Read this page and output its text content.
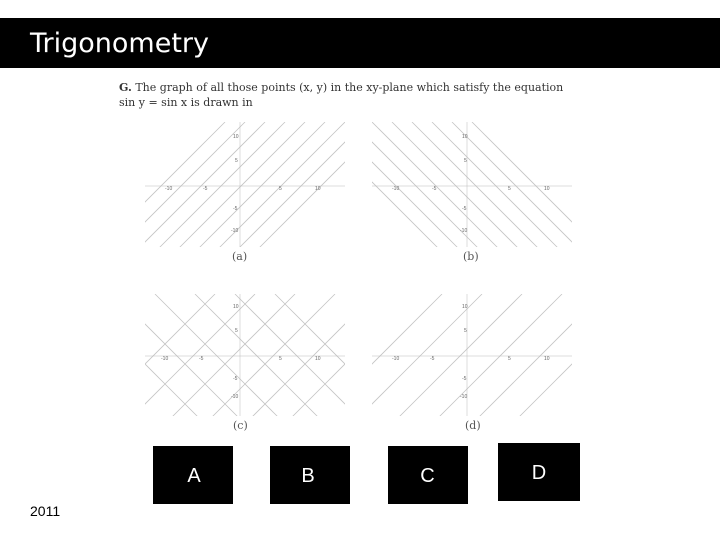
Trigonometry
G. The graph of all those points (x, y) in the xy-plane which satisfy the equation
sin y = sin x is drawn in
-10	-5	5	10
10
5
-5
-10
(a)
-10	-5	5	10
10
5
-5
-10
(b)
-10	-5	5	10
10
5
-5
-10
(c)
-10	-5	5	10
10
5
-5
-10
(d)
A	B	C	D
2011
